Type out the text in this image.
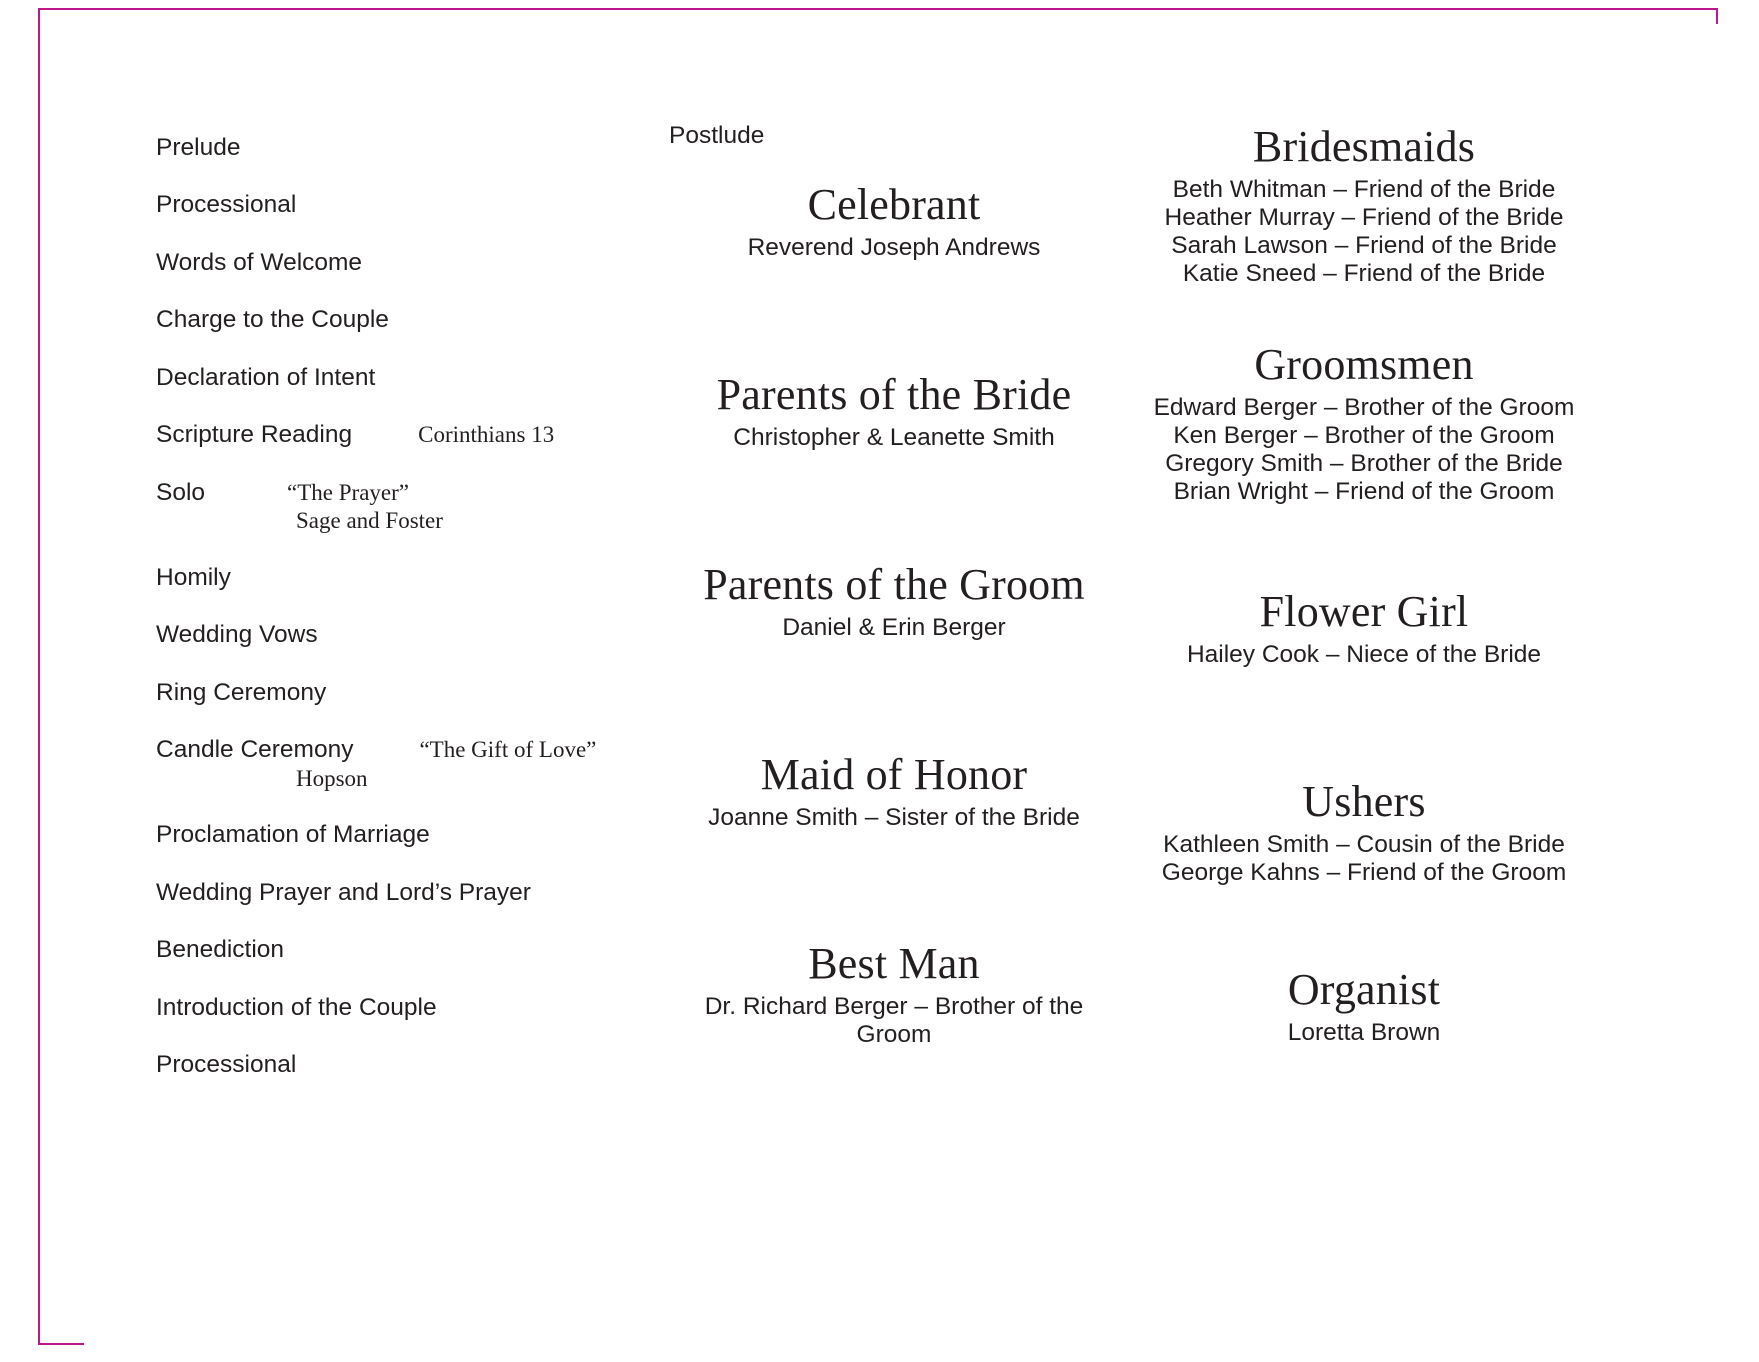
Prelude
Processional
Words of Welcome
Charge to the Couple
Declaration of Intent
Scripture Reading	Corinthians 13
Solo	“The Prayer”
Sage and Foster
Homily
Wedding Vows
Ring Ceremony
Candle Ceremony	“The Gift of Love”
Hopson
Proclamation of Marriage
Wedding Prayer and Lord’s Prayer
Benediction
Introduction of the Couple
Processional
Postlude
Celebrant
Reverend Joseph Andrews
Parents of the Bride
Christopher & Leanette Smith
Parents of the Groom
Daniel & Erin Berger
Maid of Honor
Joanne Smith – Sister of the Bride
Best Man
Dr. Richard Berger – Brother of the Groom
Bridesmaids
Beth Whitman – Friend of the Bride
Heather Murray – Friend of the Bride
Sarah Lawson – Friend of the Bride
Katie Sneed – Friend of the Bride
Groomsmen
Edward Berger – Brother of the Groom
Ken Berger – Brother of the Groom
Gregory Smith – Brother of the Bride
Brian Wright – Friend of the Groom
Flower Girl
Hailey Cook – Niece of the Bride
Ushers
Kathleen Smith – Cousin of the Bride
George Kahns – Friend of the Groom
Organist
Loretta Brown
